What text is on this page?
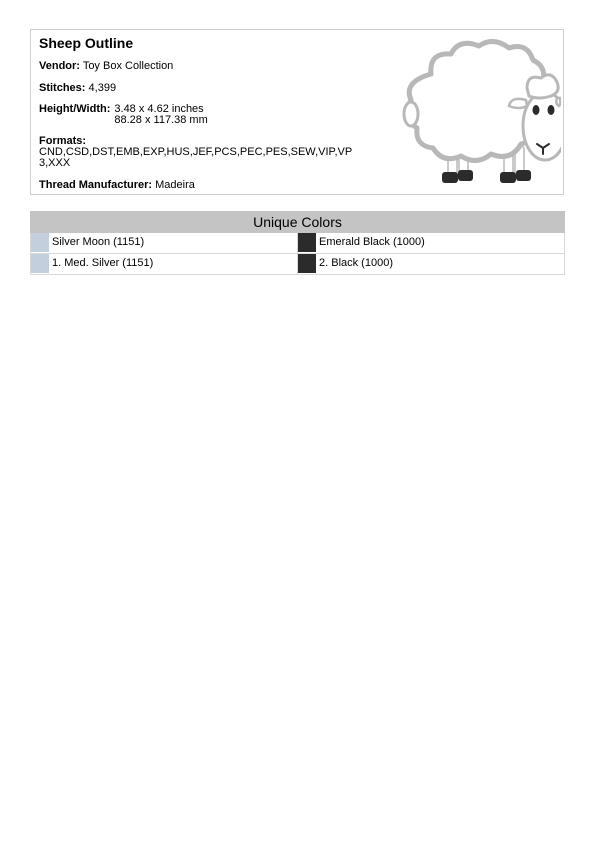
Sheep Outline
Vendor: Toy Box Collection
Stitches: 4,399
Height/Width: 3.48 x 4.62 inches
88.28 x 117.38 mm
Formats:
CND,CSD,DST,EMB,EXP,HUS,JEF,PCS,PEC,PES,SEW,VIP,VP3,XXX
Thread Manufacturer: Madeira
Unique Colors
Silver Moon (1151)	Emerald Black (1000)
1. Med. Silver (1151)	2. Black (1000)
